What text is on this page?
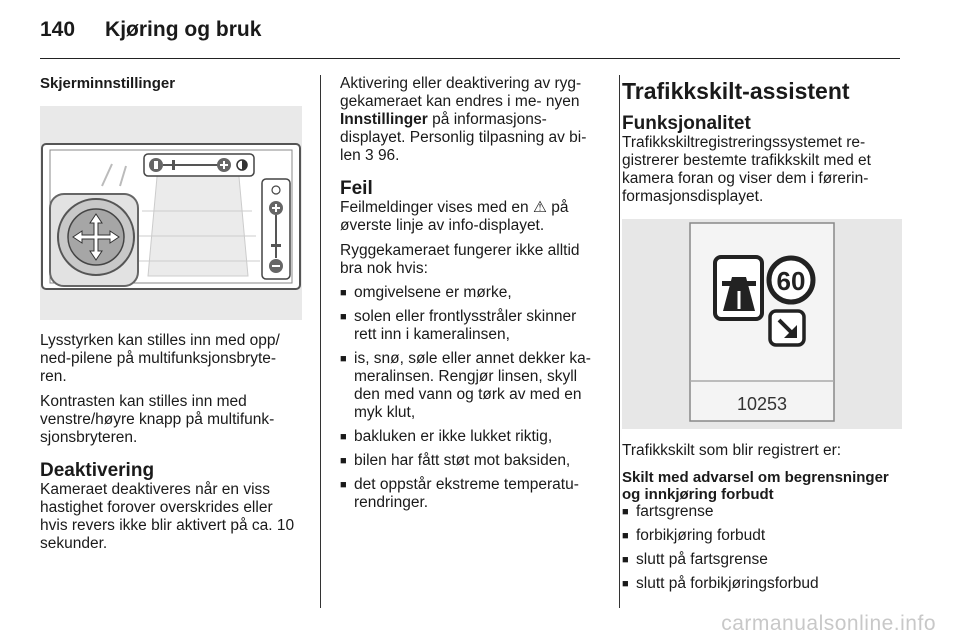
140 Kjøring og bruk
Skjerminnstillinger

Lysstyrken kan stilles inn med opp/ ned-pilene på multifunksjonsbryte- ren.

Kontrasten kan stilles inn med venstre/høyre knapp på multifunk- sjonsbryteren.

Deaktivering

Kameraet deaktiveres når en viss hastighet forover overskrides eller hvis revers ikke blir aktivert på ca. 10 sekunder.

Aktivering eller deaktivering av ryg- gekameraet kan endres i me- nyen Innstillinger på informasjons- displayet. Personlig tilpasning av bi- len 3 96.

Feil

Feilmeldinger vises med en ⚠ på øverste linje av info-displayet.

Ryggekameraet fungerer ikke alltid bra nok hvis:

■ omgivelsene er mørke,
■ solen eller frontlysstråler skinner rett inn i kameralinsen,
■ is, snø, søle eller annet dekker ka- meralinsen. Rengjør linsen, skyll den med vann og tørk av med en myk klut,
■ bakluken er ikke lukket riktig,
■ bilen har fått støt mot baksiden,
■ det oppstår ekstreme temperatu- rendringer.
Trafikkskilt-assistent
Funksjonalitet

Trafikkskiltregistreringssystemet re- gistrerer bestemte trafikkskilt med et kamera foran og viser dem i førerin- formasjonsdisplayet.

60
10253

Trafikkskilt som blir registrert er:

Skilt med advarsel om begrensninger og innkjøring forbudt
■ fartsgrense
■ forbikjøring forbudt
■ slutt på fartsgrense
■ slutt på forbikjøringsforbud
carmanualsonline.info
